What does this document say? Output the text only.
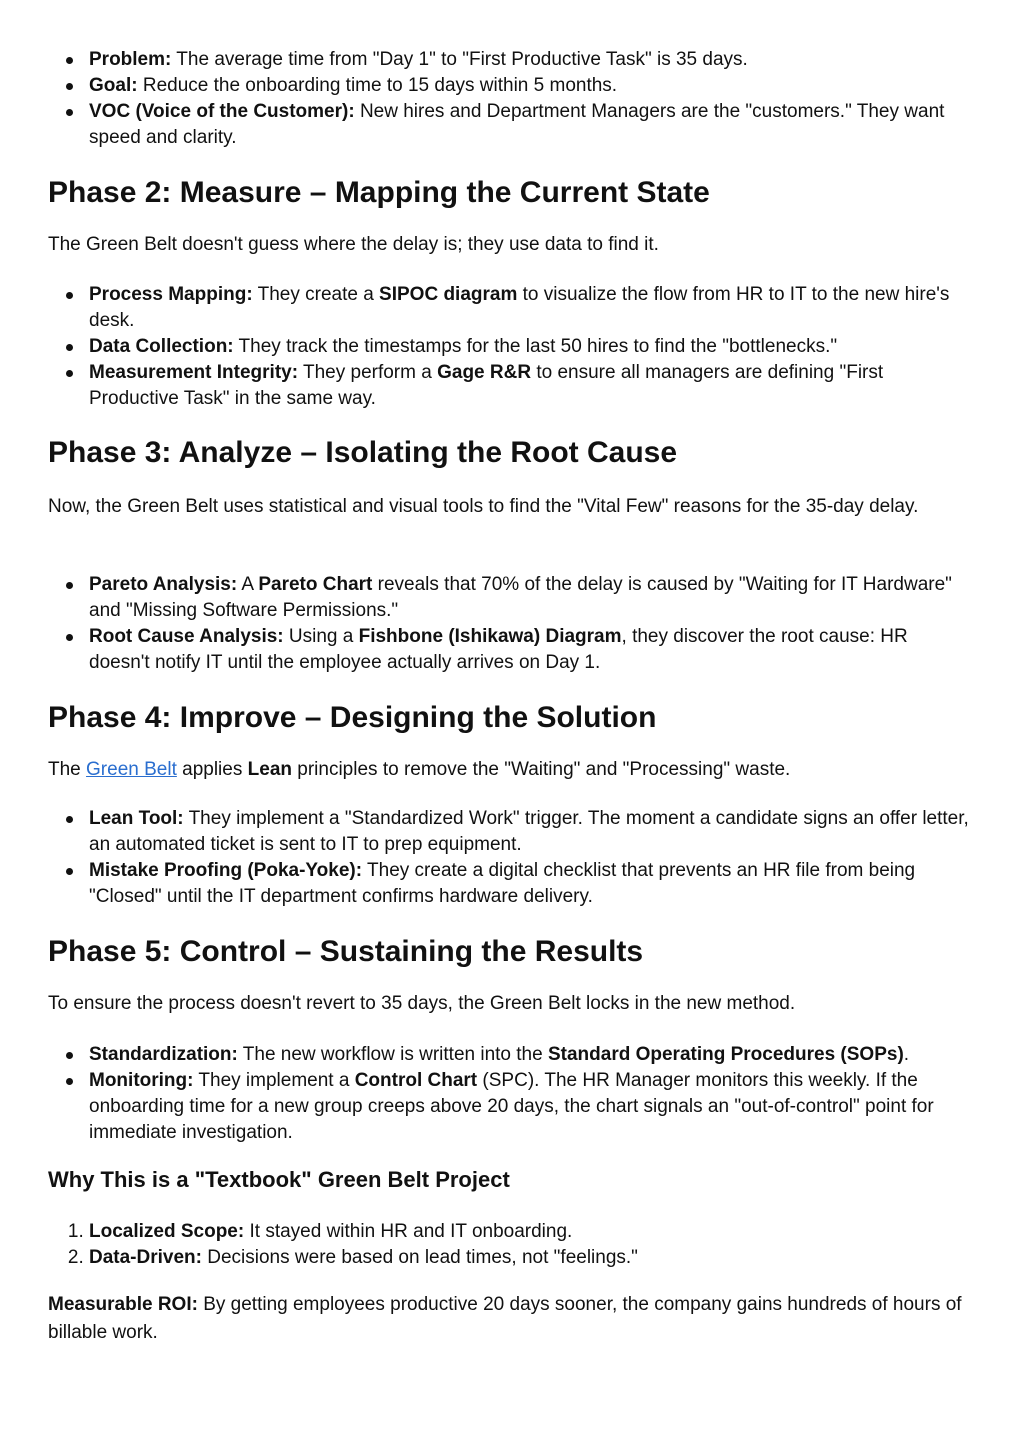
Problem: The average time from "Day 1" to "First Productive Task" is 35 days.
Goal: Reduce the onboarding time to 15 days within 5 months.
VOC (Voice of the Customer): New hires and Department Managers are the "customers." They want speed and clarity.
Phase 2: Measure – Mapping the Current State

The Green Belt doesn't guess where the delay is; they use data to find it.

Process Mapping: They create a SIPOC diagram to visualize the flow from HR to IT to the new hire's desk.
Data Collection: They track the timestamps for the last 50 hires to find the "bottlenecks."
Measurement Integrity: They perform a Gage R&R to ensure all managers are defining "First Productive Task" in the same way.
Phase 3: Analyze – Isolating the Root Cause

Now, the Green Belt uses statistical and visual tools to find the "Vital Few" reasons for the 35-day delay.

Pareto Analysis: A Pareto Chart reveals that 70% of the delay is caused by "Waiting for IT Hardware" and "Missing Software Permissions."
Root Cause Analysis: Using a Fishbone (Ishikawa) Diagram, they discover the root cause: HR doesn't notify IT until the employee actually arrives on Day 1.
Phase 4: Improve – Designing the Solution

The Green Belt applies Lean principles to remove the "Waiting" and "Processing" waste.

Lean Tool: They implement a "Standardized Work" trigger. The moment a candidate signs an offer letter, an automated ticket is sent to IT to prep equipment.
Mistake Proofing (Poka-Yoke): They create a digital checklist that prevents an HR file from being "Closed" until the IT department confirms hardware delivery.
Phase 5: Control – Sustaining the Results

To ensure the process doesn't revert to 35 days, the Green Belt locks in the new method.

Standardization: The new workflow is written into the Standard Operating Procedures (SOPs).
Monitoring: They implement a Control Chart (SPC). The HR Manager monitors this weekly. If the onboarding time for a new group creeps above 20 days, the chart signals an "out-of-control" point for immediate investigation.
Why This is a "Textbook" Green Belt Project
1. Localized Scope: It stayed within HR and IT onboarding.
2. Data-Driven: Decisions were based on lead times, not "feelings."

Measurable ROI: By getting employees productive 20 days sooner, the company gains hundreds of hours of billable work.
